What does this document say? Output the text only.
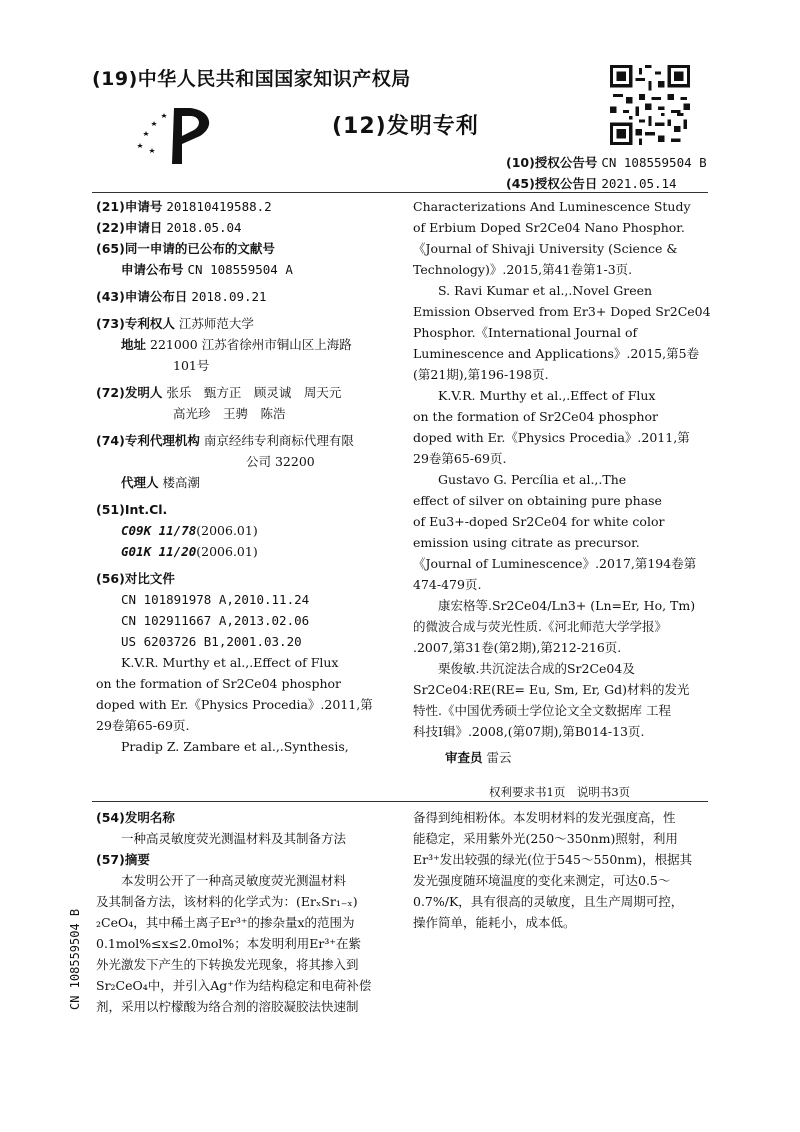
(19)中华人民共和国国家知识产权局
(12)发明专利
(10)授权公告号 CN 108559504 B
(45)授权公告日 2021.05.14
(21)申请号 201810419588.2
(22)申请日 2018.05.04
(65)同一申请的已公布的文献号
申请公布号 CN 108559504 A
(43)申请公布日 2018.09.21
(73)专利权人 江苏师范大学
地址 221000 江苏省徐州市铜山区上海路
101号
(72)发明人 张乐　甄方正　顾灵诚　周天元
高光珍　王骋　陈浩
(74)专利代理机构 南京经纬专利商标代理有限
公司 32200
代理人 楼高潮
(51)Int.Cl.
C09K 11/78(2006.01)
G01K 11/20(2006.01)
(56)对比文件
CN 101891978 A,2010.11.24
CN 102911667 A,2013.02.06
US 6203726 B1,2001.03.20
K.V.R. Murthy et al.,.Effect of Flux
on the formation of Sr2Ce04 phosphor
doped with Er.《Physics Procedia》.2011,第
29卷第65-69页.
Pradip Z. Zambare et al.,.Synthesis,
Characterizations And Luminescence Study
of Erbium Doped Sr2Ce04 Nano Phosphor.
《Journal of Shivaji University (Science &
Technology)》.2015,第41卷第1-3页.
S. Ravi Kumar et al.,.Novel Green
Emission Observed from Er3+ Doped Sr2Ce04
Phosphor.《International Journal of
Luminescence and Applications》.2015,第5卷
(第21期),第196-198页.
K.V.R. Murthy et al.,.Effect of Flux
on the formation of Sr2Ce04 phosphor
doped with Er.《Physics Procedia》.2011,第
29卷第65-69页.
Gustavo G. Percília et al.,.The
effect of silver on obtaining pure phase
of Eu3+-doped Sr2Ce04 for white color
emission using citrate as precursor.
《Journal of Luminescence》.2017,第194卷第
474-479页.
康宏格等.Sr2Ce04/Ln3+ (Ln=Er, Ho, Tm)
的微波合成与荧光性质.《河北师范大学学报》
.2007,第31卷(第2期),第212-216页.
栗俊敏.共沉淀法合成的Sr2Ce04及
Sr2Ce04:RE(RE= Eu, Sm, Er, Gd)材料的发光
特性.《中国优秀硕士学位论文全文数据库 工程
科技I辑》.2008,(第07期),第B014-13页.
审查员 雷云
权利要求书1页　说明书3页
(54)发明名称
一种高灵敏度荧光测温材料及其制备方法
(57)摘要
　　本发明公开了一种高灵敏度荧光测温材料
及其制备方法，该材料的化学式为：(ErₓSr₁₋ₓ)
₂CeO₄，其中稀土离子Er³⁺的掺杂量x的范围为
0.1mol%≤x≤2.0mol%；本发明利用Er³⁺在紫
外光激发下产生的下转换发光现象，将其掺入到
Sr₂CeO₄中，并引入Ag⁺作为结构稳定和电荷补偿
剂，采用以柠檬酸为络合剂的溶胶凝胶法快速制
备得到纯相粉体。本发明材料的发光强度高，性
能稳定，采用紫外光(250～350nm)照射，利用
Er³⁺发出较强的绿光(位于545～550nm)，根据其
发光强度随环境温度的变化来测定，可达0.5～
0.7%/K，具有很高的灵敏度，且生产周期可控，
操作简单，能耗小，成本低。
CN 108559504 B
